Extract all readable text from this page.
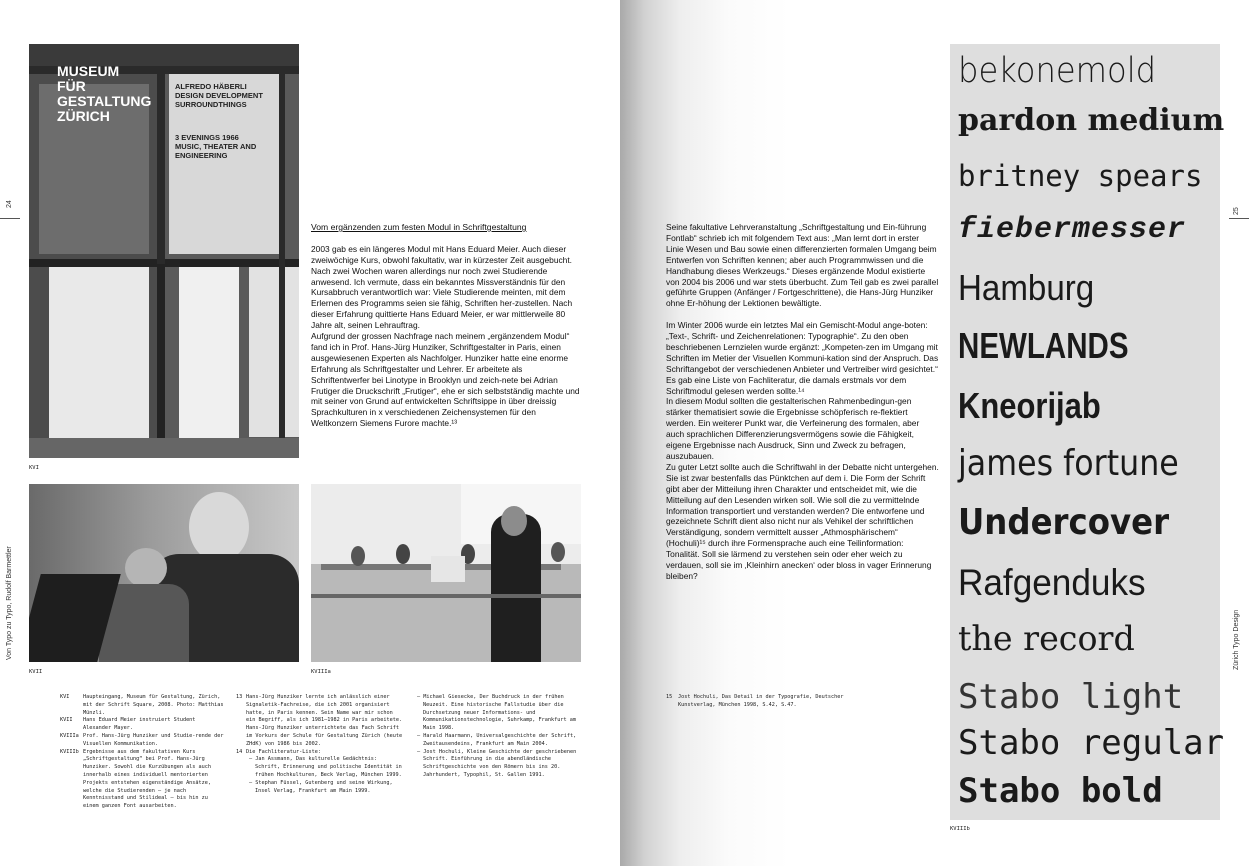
24
Von Typo zu Typo, Rudolf Barmettler
MUSEUM
FÜR
GESTALTUNG
ZÜRICH
ALFREDO HÄBERLI
DESIGN DEVELOPMENT
SURROUNDTHINGS
3 EVENINGS 1966
MUSIC, THEATER AND
ENGINEERING
KVI
KVII	KVIIIa
Vom ergänzenden zum festen Modul in Schriftgestaltung

2003 gab es ein längeres Modul mit Hans Eduard Meier. Auch dieser zweiwöchige Kurs, obwohl fakultativ, war in kürzester Zeit ausgebucht.

Nach zwei Wochen waren allerdings nur noch zwei Studierende anwesend. Ich vermute, dass ein bekanntes Missverständnis für den Kursabbruch verantwortlich war: Viele Studierende meinten, mit dem Erlernen des Programms seien sie fähig, Schriften her-zustellen. Nach dieser Erfahrung quittierte Hans Eduard Meier, er war mittlerweile 80 Jahre alt, seinen Lehrauftrag.

Aufgrund der grossen Nachfrage nach meinem „ergänzendem Modul“ fand ich in Prof. Hans-Jürg Hunziker, Schriftgestalter in Paris, einen ausgewiesenen Experten als Nachfolger. Hunziker hatte eine enorme Erfahrung als Schriftgestalter und Lehrer. Er arbeitete als Schriftentwerfer bei Linotype in Brooklyn und zeich-nete bei Adrian Frutiger die Druckschrift „Frutiger“, ehe er sich selbstständig machte und mit seiner von Grund auf entwickelten Schriftsippe in über dreissig Sprachkulturen in x verschiedenen Zeichensystemen für den Weltkonzern Siemens Furore machte.¹³

KVI	Haupteingang, Museum für Gestaltung, Zürich, mit der Schrift Square, 2008. Photo: Matthias Münzli.
KVII	Hans Eduard Meier instruiert Student Alexander Mayer.
KVIIIa Prof. Hans-Jürg Hunziker und Studie-rende der Visuellen Kommunikation.
KVIIIb Ergebnisse aus dem fakultativen Kurs „Schriftgestaltung“ bei Prof. Hans-Jürg Hunziker. Sowohl die Kurzübungen als auch innerhalb eines individuell mentorierten Projekts entstehen eigenständige Ansätze, welche die Studierenden – je nach Kenntnisstand und Stilideal – bis hin zu einem ganzen Font ausarbeiten.
13 Hans-Jürg Hunziker lernte ich anlässlich einer Signaletik-Fachreise, die ich 2001 organisiert hatte, in Paris kennen. Sein Name war mir schon ein Begriff, als ich 1981–1982 in Paris arbeitete. Hans-Jürg Hunziker unterrichtete das Fach Schrift im Vorkurs der Schule für Gestaltung Zürich (heute ZHdK) von 1986 bis 2002.
14 Die Fachliteratur-Liste:
– Jan Assmann, Das kulturelle Gedächtnis: Schrift, Erinnerung und politische Identität in frühen Hochkulturen, Beck Verlag, München 1999.
– Stephan Füssel, Gutenberg und seine Wirkung, Insel Verlag, Frankfurt am Main 1999.
– Michael Giesecke, Der Buchdruck in der frühen Neuzeit. Eine historische Fallstudie über die Durchsetzung neuer Informations- und Kommunikationstechnologie, Suhrkamp, Frankfurt am Main 1998.
– Harald Haarmann, Universalgeschichte der Schrift, Zweitausendeins, Frankfurt am Main 2004.
– Jost Hochuli, Kleine Geschichte der geschriebenen Schrift. Einführung in die abendländische Schriftgeschichte von den Römern bis ins 20. Jahrhundert, Typophil, St. Gallen 1991.
25
Zürich Typo Design

Seine fakultative Lehrveranstaltung „Schriftgestaltung und Ein-führung Fontlab“ schrieb ich mit folgendem Text aus: „Man lernt dort in erster Linie Wesen und Bau sowie einen differenzierten formalen Umgang beim Entwerfen von Schriften kennen; aber auch Programmwissen und die Handhabung dieses Werkzeugs.“ Dieses ergänzende Modul existierte von 2004 bis 2006 und war stets überbucht. Zum Teil gab es zwei parallel geführte Gruppen (Anfänger / Fortgeschrittene), die Hans-Jürg Hunziker ohne Er-höhung der Lektionen bewältigte.

Im Winter 2006 wurde ein letztes Mal ein Gemischt-Modul ange-boten: „Text-, Schrift- und Zeichenrelationen: Typographie“. Zu den oben beschriebenen Lernzielen wurde ergänzt: „Kompeten-zen im Umgang mit Schriften im Metier der Visuellen Kommuni-kation sind der Anspruch. Das Schriftangebot der verschiedenen Anbieter und Vertreiber wird gesichtet.“

Es gab eine Liste von Fachliteratur, die damals erstmals vor dem Schriftmodul gelesen werden sollte.¹⁴

In diesem Modul sollten die gestalterischen Rahmenbedingun-gen stärker thematisiert sowie die Ergebnisse schöpferisch re-flektiert werden. Ein weiterer Punkt war, die Verfeinerung des formalen, aber auch sprachlichen Differenzierungsvermögens sowie die Fähigkeit, eigene Ergebnisse nach Ausdruck, Sinn und Zweck zu befragen, auszubauen.

Zu guter Letzt sollte auch die Schriftwahl in der Debatte nicht untergehen. Sie ist zwar bestenfalls das Pünktchen auf dem i. Die Form der Schrift gibt aber der Mitteilung ihren Charakter und entscheidet mit, wie die Mitteilung auf den Lesenden wirken soll. Wie soll die zu vermittelnde Information transportiert und verstanden werden? Die entworfene und gezeichnete Schrift dient also nicht nur als Vehikel der schriftlichen Verständigung, sondern vermittelt ausser „Athmosphärischem“ (Hochuli)¹⁵ durch ihre Formensprache auch eine Teilinformation: Tonalität. Soll sie lärmend zu verstehen sein oder eher weich zu verdauen, soll sie im ‚Kleinhirn anecken‘ oder bloss in vager Erinnerung bleiben?

15	Jost Hochuli, Das Detail in der Typografie, Deutscher Kunstverlag, München 1998, S.42, S.47.
bekonemold
pardon medium
britney spears
fiebermesser
Hamburg
NEWLANDS
Kneorijab
james fortune
Undercover
Rafgenduks
the record
Stabo light
Stabo regular
Stabo bold
KVIIIb
